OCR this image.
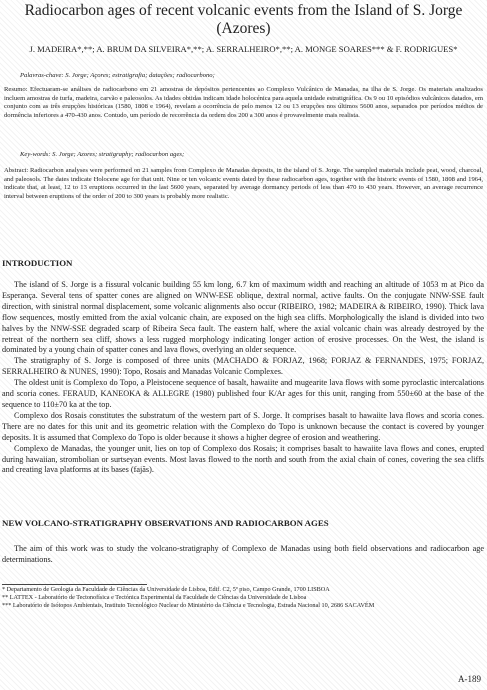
Radiocarbon ages of recent volcanic events from the Island of S. Jorge (Azores)
J. MADEIRA*,**; A. BRUM DA SILVEIRA*,**; A. SERRALHEIRO*,**; A. MONGE SOARES*** & F. RODRIGUES*
Palavras-chave: S. Jorge; Açores; estratigrafia; datações; radiocarbono;
Resumo: Efectuaram-se análises de radiocarbono em 21 amostras de depósitos pertencentes ao Complexo Vulcânico de Manadas, na ilha de S. Jorge. Os materiais analizados incluem amostras de turfa, madeira, carvão e paleosolos. As idades obtidas indicam idade holocénica para aquela unidade estratigráfica. Os 9 ou 10 episódios vulcânicos datados, em conjunto com as três erupções históricas (1580, 1808 e 1964), revelam a ocorrência de pelo menos 12 ou 13 erupções nos últimos 5600 anos, separados por períodos médios de dormência inferiores a 470-430 anos. Contudo, um período de recorrência da ordem dos 200 a 300 anos é provavelmente mais realista.
Key-words: S. Jorge; Azores; stratigraphy; radiocarbon ages;
Abstract: Radiocarbon analyses were performed on 21 samples from Complexo de Manadas deposits, in the island of S. Jorge. The sampled materials include peat, wood, charcoal, and paleosols. The dates indicate Holocene age for that unit. Nine or ten volcanic events dated by these radiocarbon ages, together with the historic events of 1580, 1808 and 1964, indicate that, at least, 12 to 13 eruptions occurred in the last 5600 years, separated by average dormancy periods of less than 470 to 430 years. However, an average recurrence interval between eruptions of the order of 200 to 300 years is probably more realistic.
INTRODUCTION

The island of S. Jorge is a fissural volcanic building 55 km long, 6.7 km of maximum width and reaching an altitude of 1053 m at Pico da Esperança. Several tens of spatter cones are aligned on WNW-ESE oblique, dextral normal, active faults. On the conjugate NNW-SSE fault direction, with sinistral normal displacement, some volcanic alignments also occur (RIBEIRO, 1982; MADEIRA & RIBEIRO, 1990). Thick lava flow sequences, mostly emitted from the axial volcanic chain, are exposed on the high sea cliffs. Morphologically the island is divided into two halves by the NNW-SSE degraded scarp of Ribeira Seca fault. The eastern half, where the axial volcanic chain was already destroyed by the retreat of the northern sea cliff, shows a less rugged morphology indicating longer action of erosive processes. On the West, the island is dominated by a young chain of spatter cones and lava flows, overlying an older sequence.

The stratigraphy of S. Jorge is composed of three units (MACHADO & FORJAZ, 1968; FORJAZ & FERNANDES, 1975; FORJAZ, SERRALHEIRO & NUNES, 1990): Topo, Rosais and Manadas Volcanic Complexes.

The oldest unit is Complexo do Topo, a Pleistocene sequence of basalt, hawaiite and mugearite lava flows with some pyroclastic intercalations and scoria cones. FERAUD, KANEOKA & ALLEGRE (1980) published four K/Ar ages for this unit, ranging from 550±60 at the base of the sequence to 110±70 ka at the top.

Complexo dos Rosais constitutes the substratum of the western part of S. Jorge. It comprises basalt to hawaiite lava flows and scoria cones. There are no dates for this unit and its geometric relation with the Complexo do Topo is unknown because the contact is covered by younger deposits. It is assumed that Complexo do Topo is older because it shows a higher degree of erosion and weathering.

Complexo de Manadas, the younger unit, lies on top of Complexo dos Rosais; it comprises basalt to hawaiite lava flows and cones, erupted during hawaiian, strombolian or surtseyan events. Most lavas flowed to the north and south from the axial chain of cones, covering the sea cliffs and creating lava platforms at its bases (fajãs).

NEW VOLCANO-STRATIGRAPHY OBSERVATIONS AND RADIOCARBON AGES

The aim of this work was to study the volcano-stratigraphy of Complexo de Manadas using both field observations and radiocarbon age determinations.

* Departamento de Geologia da Faculdade de Ciências da Universidade de Lisboa, Edif. C2, 5º piso, Campo Grande, 1700 LISBOA
** LATTEX - Laboratório de Tectonofísica e Tectónica Experimental da Faculdade de Ciências da Universidade de Lisboa
*** Laboratório de Isótopos Ambientais, Instituto Tecnológico Nuclear do Ministério da Ciência e Tecnologia, Estrada Nacional 10, 2686 SACAVÉM
A-189
